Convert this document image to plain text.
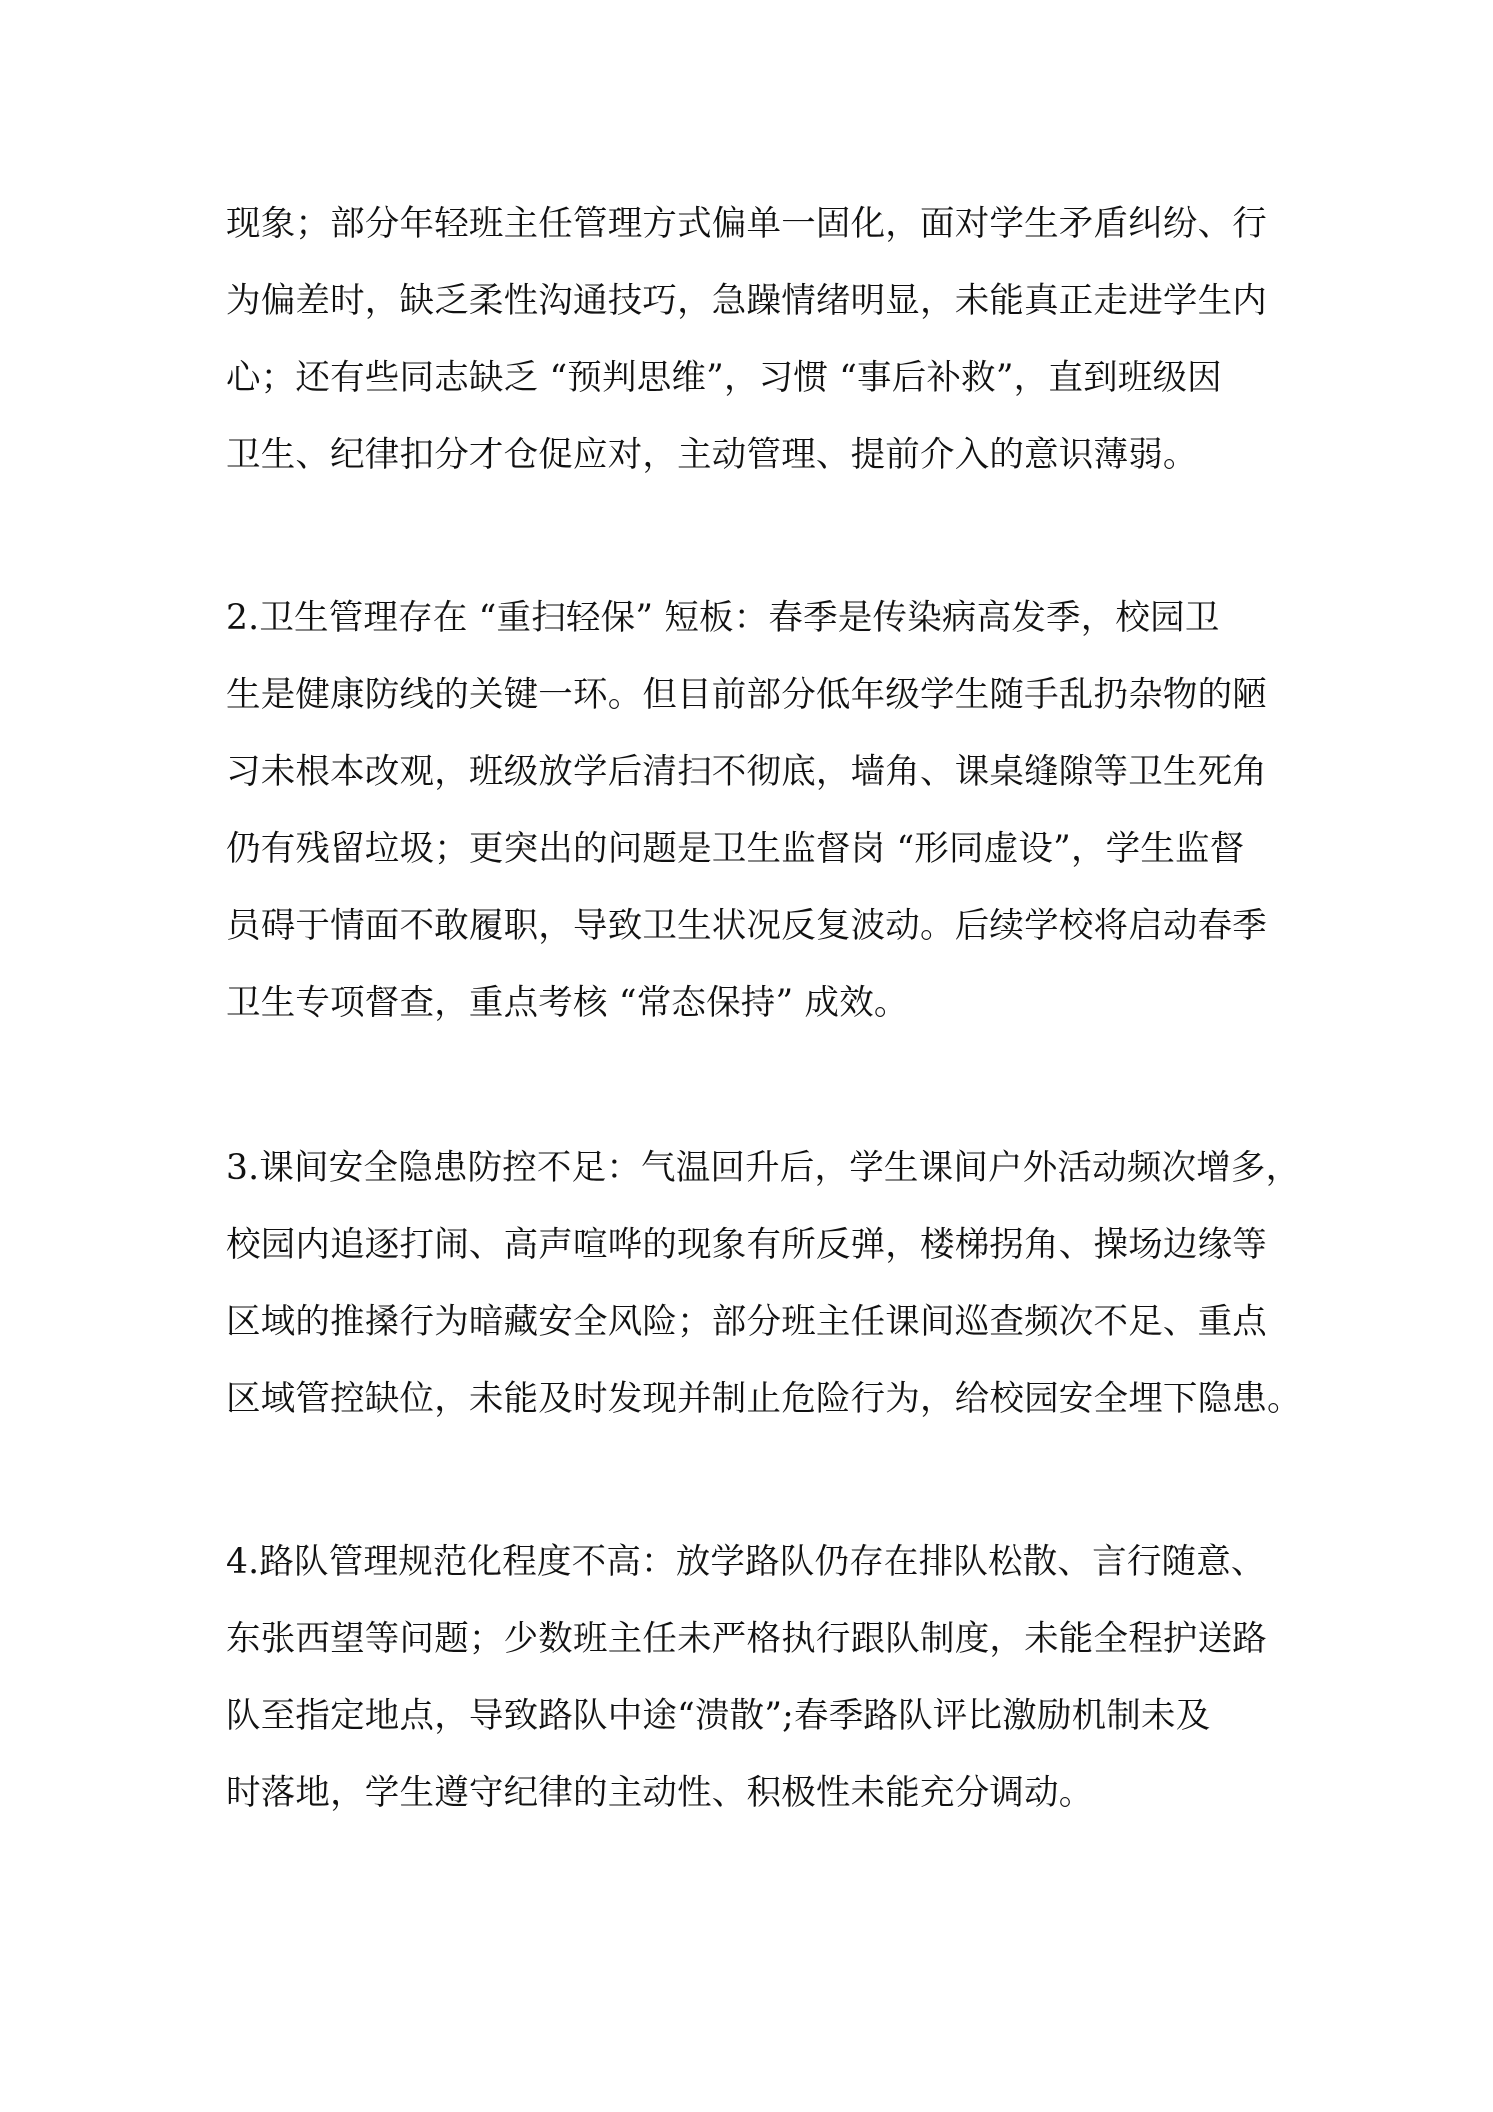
现象；部分年轻班主任管理方式偏单一固化，面对学生矛盾纠纷、行
为偏差时，缺乏柔性沟通技巧，急躁情绪明显，未能真正走进学生内
心；还有些同志缺乏 “预判思维”，习惯 “事后补救”，直到班级因
卫生、纪律扣分才仓促应对，主动管理、提前介入的意识薄弱。
2.卫生管理存在 “重扫轻保” 短板：春季是传染病高发季，校园卫
生是健康防线的关键一环。但目前部分低年级学生随手乱扔杂物的陋
习未根本改观，班级放学后清扫不彻底，墙角、课桌缝隙等卫生死角
仍有残留垃圾；更突出的问题是卫生监督岗 “形同虚设”，学生监督
员碍于情面不敢履职，导致卫生状况反复波动。后续学校将启动春季
卫生专项督查，重点考核 “常态保持” 成效。
3.课间安全隐患防控不足：气温回升后，学生课间户外活动频次增多，
校园内追逐打闹、高声喧哗的现象有所反弹，楼梯拐角、操场边缘等
区域的推搡行为暗藏安全风险；部分班主任课间巡查频次不足、重点
区域管控缺位，未能及时发现并制止危险行为，给校园安全埋下隐患。
4.路队管理规范化程度不高：放学路队仍存在排队松散、言行随意、
东张西望等问题；少数班主任未严格执行跟队制度，未能全程护送路
队至指定地点，导致路队中途“溃散”;春季路队评比激励机制未及
时落地，学生遵守纪律的主动性、积极性未能充分调动。
